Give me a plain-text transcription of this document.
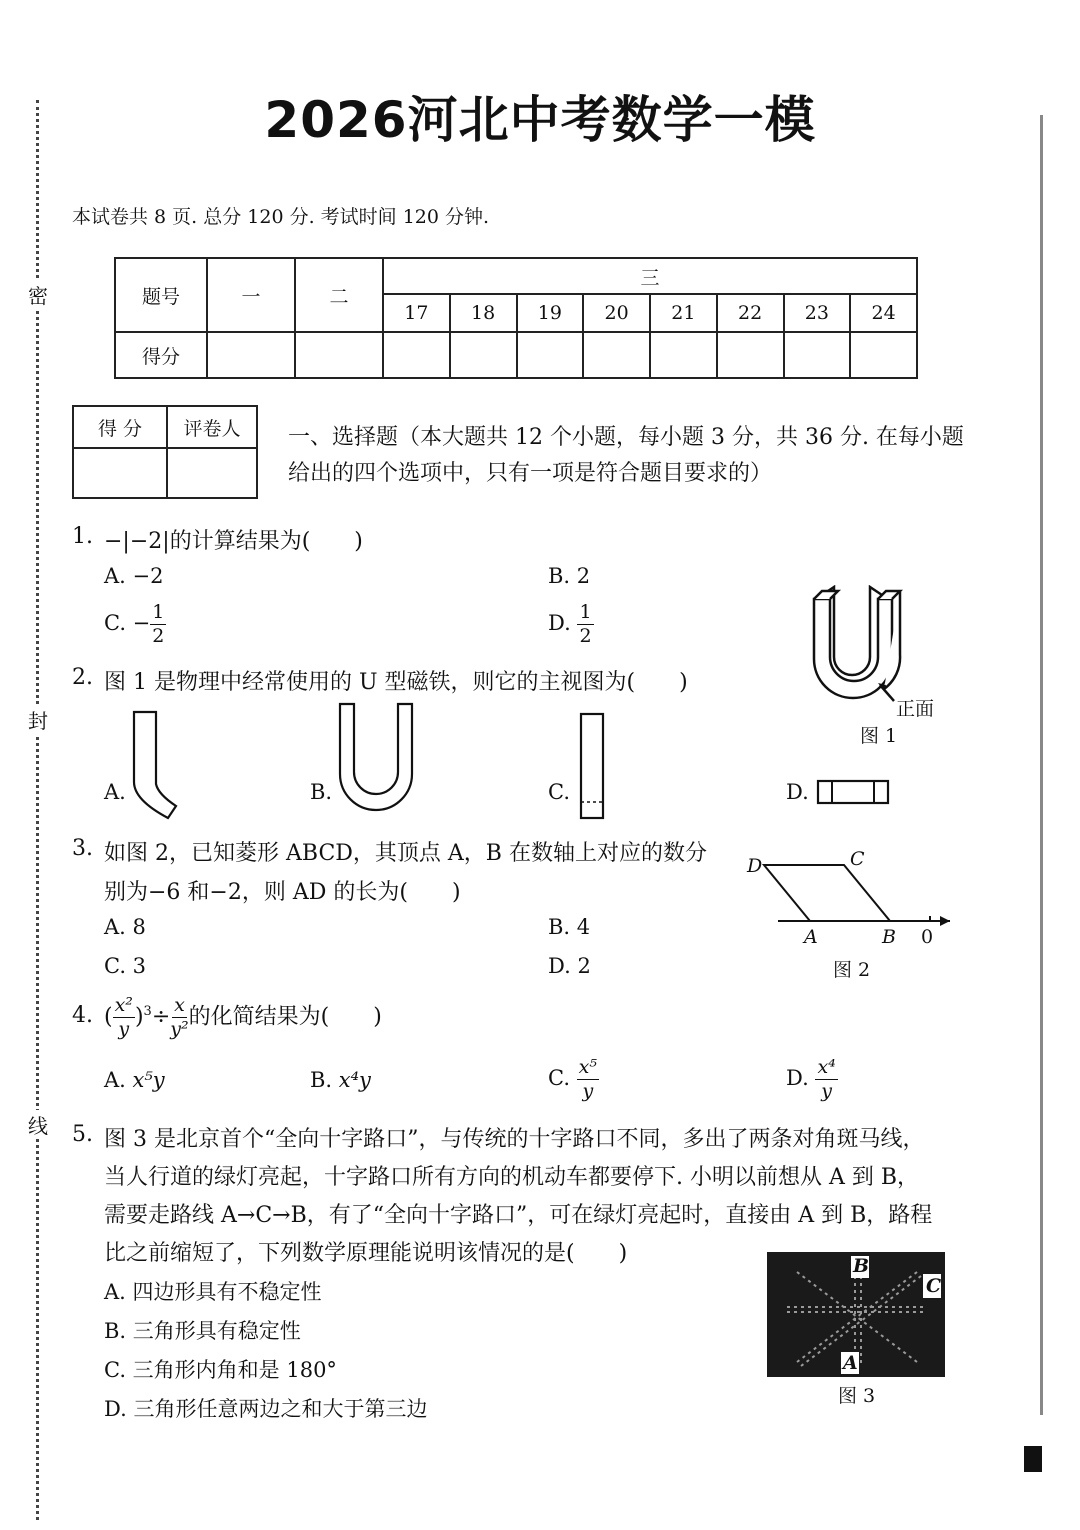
密
封
线
2026河北中考数学一模
本试卷共 8 页. 总分 120 分. 考试时间 120 分钟.
题号	一	二	三							
			17	18	19	20	21	22	23	24
得分										
得 分	评卷人
	一、选择题（本大题共 12 个小题，每小题 3 分，共 36 分. 在每小题给出的四个选项中，只有一项是符合题目要求的）
1. −|−2|的计算结果为(　　)
A. −2	B. 2
C. − $\frac{1}{2}$	D. $\frac{1}{2}$
正面
图 1
2. 图 1 是物理中经常使用的 U 型磁铁，则它的主视图为(　　)
A.	B.	C.	D.
3. 如图 2，已知菱形 ABCD，其顶点 A，B 在数轴上对应的数分
别为−6 和−2，则 AD 的长为(　　)
A. 8	B. 4
C. 3	D. 2
D	C
A	B 0
图 2
4. ( $\frac{\text{x²}}{y} )^3\div \frac{x}{\text{y²}}$ 的化简结果为(　　)
A. x⁵y	B. x⁴y	C. $\frac{\text{x⁵}}{y}$	D. $\frac{\text{x⁴}}{y}$
5. 图 3 是北京首个“全向十字路口”，与传统的十字路口不同，多出了两条对角斑马线，
当人行道的绿灯亮起，十字路口所有方向的机动车都要停下. 小明以前想从 A 到 B，
需要走路线 A→C→B，有了“全向十字路口”，可在绿灯亮起时，直接由 A 到 B，路程
比之前缩短了，下列数学原理能说明该情况的是(　　)
A. 四边形具有不稳定性
B. 三角形具有稳定性
C. 三角形内角和是 180°
D. 三角形任意两边之和大于第三边
B
C
A
图 3
